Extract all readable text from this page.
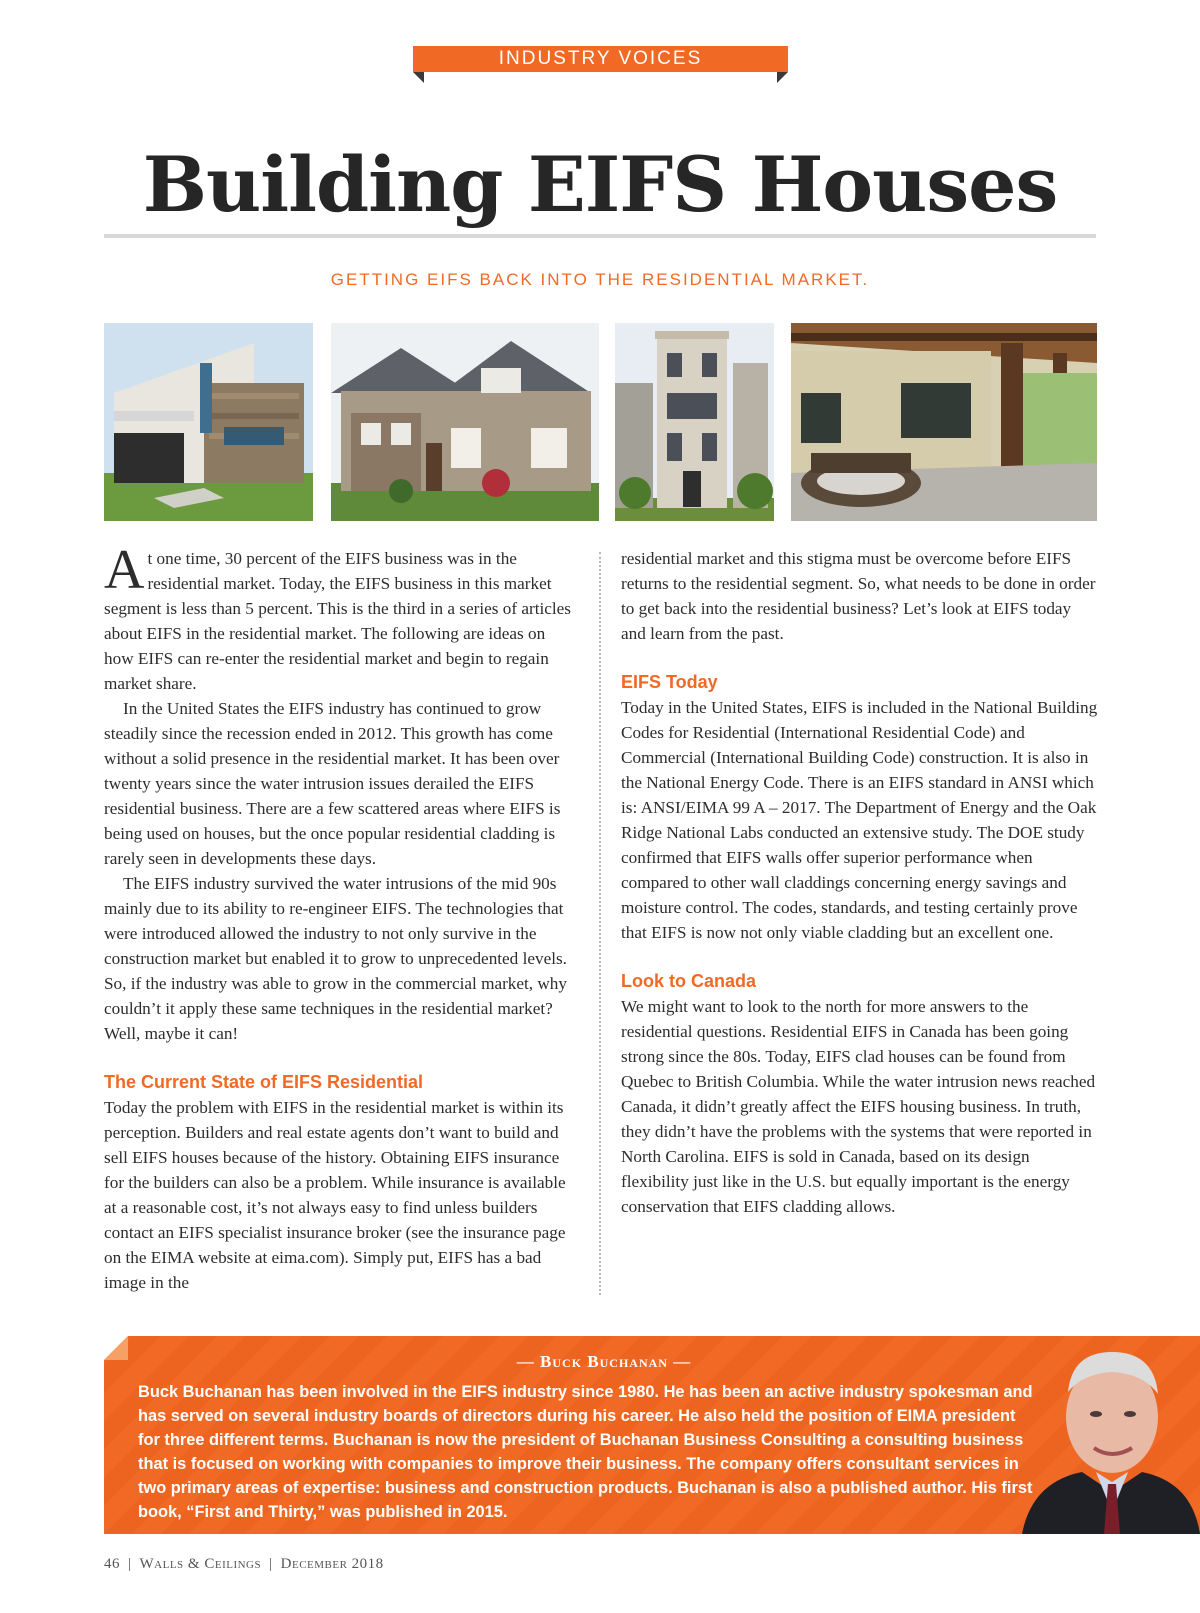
INDUSTRY VOICES
Building EIFS Houses
GETTING EIFS BACK INTO THE RESIDENTIAL MARKET.

A t one time, 30 percent of the EIFS business was in the residential market. Today, the EIFS business in this market segment is less than 5 percent. This is the third in a series of articles about EIFS in the residential market. The following are ideas on how EIFS can re-enter the residential market and begin to regain market share.

In the United States the EIFS industry has continued to grow steadily since the recession ended in 2012. This growth has come without a solid presence in the residential market. It has been over twenty years since the water intrusion issues derailed the EIFS residential business. There are a few scattered areas where EIFS is being used on houses, but the once popular residential cladding is rarely seen in developments these days.

The EIFS industry survived the water intrusions of the mid 90s mainly due to its ability to re-engineer EIFS. The technologies that were introduced allowed the industry to not only survive in the construction market but enabled it to grow to unprecedented levels. So, if the industry was able to grow in the commercial market, why couldn’t it apply these same techniques in the residential market? Well, maybe it can!

The Current State of EIFS Residential

Today the problem with EIFS in the residential market is within its perception. Builders and real estate agents don’t want to build and sell EIFS houses because of the history. Obtaining EIFS insurance for the builders can also be a problem. While insurance is available at a reasonable cost, it’s not always easy to find unless builders contact an EIFS specialist insurance broker (see the insurance page on the EIMA website at eima.com). Simply put, EIFS has a bad image in the

residential market and this stigma must be overcome before EIFS returns to the residential segment. So, what needs to be done in order to get back into the residential business? Let’s look at EIFS today and learn from the past.

EIFS Today

Today in the United States, EIFS is included in the National Building Codes for Residential (International Residential Code) and Commercial (International Building Code) construction. It is also in the National Energy Code. There is an EIFS standard in ANSI which is: ANSI/EIMA 99 A – 2017. The Department of Energy and the Oak Ridge National Labs conducted an extensive study. The DOE study confirmed that EIFS walls offer superior performance when compared to other wall claddings concerning energy savings and moisture control. The codes, standards, and testing certainly prove that EIFS is now not only viable cladding but an excellent one.

Look to Canada

We might want to look to the north for more answers to the residential questions. Residential EIFS in Canada has been going strong since the 80s. Today, EIFS clad houses can be found from Quebec to British Columbia. While the water intrusion news reached Canada, it didn’t greatly affect the EIFS housing business. In truth, they didn’t have the problems with the systems that were reported in North Carolina. EIFS is sold in Canada, based on its design flexibility just like in the U.S. but equally important is the energy conservation that EIFS cladding allows.

— Buck Buchanan —
Buck Buchanan has been involved in the EIFS industry since 1980. He has been an active industry spokesman and has served on several industry boards of directors during his career. He also held the position of EIMA president for three different terms. Buchanan is now the president of Buchanan Business Consulting a consulting business that is focused on working with companies to improve their business. The company offers consultant services in two primary areas of expertise: business and construction products. Buchanan is also a published author. His first book, “First and Thirty,” was published in 2015.
46 | Walls & Ceilings | December 2018
